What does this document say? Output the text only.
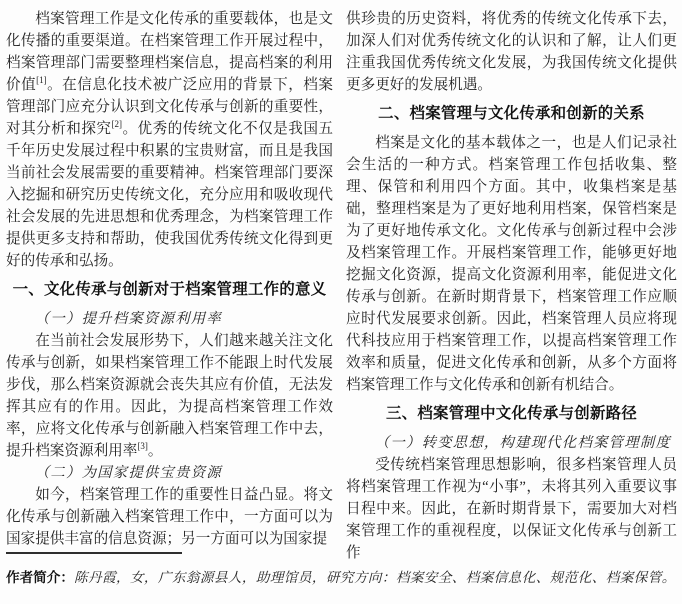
档案管理工作是文化传承的重要载体，也是文化传播的重要渠道。在档案管理工作开展过程中，档案管理部门需要整理档案信息，提高档案的利用价值[1]。在信息化技术被广泛应用的背景下，档案管理部门应充分认识到文化传承与创新的重要性，对其分析和探究[2]。优秀的传统文化不仅是我国五千年历史发展过程中积累的宝贵财富，而且是我国当前社会发展需要的重要精神。档案管理部门要深入挖掘和研究历史传统文化，充分应用和吸收现代社会发展的先进思想和优秀理念，为档案管理工作提供更多支持和帮助，使我国优秀传统文化得到更好的传承和弘扬。

一、文化传承与创新对于档案管理工作的意义

（一）提升档案资源利用率

在当前社会发展形势下，人们越来越关注文化传承与创新，如果档案管理工作不能跟上时代发展步伐，那么档案资源就会丧失其应有价值，无法发挥其应有的作用。因此，为提高档案管理工作效率，应将文化传承与创新融入档案管理工作中去，提升档案资源利用率[3]。

（二）为国家提供宝贵资源

如今，档案管理工作的重要性日益凸显。将文化传承与创新融入档案管理工作中，一方面可以为国家提供丰富的信息资源；另一方面可以为国家提

供珍贵的历史资料，将优秀的传统文化传承下去，加深人们对优秀传统文化的认识和了解，让人们更注重我国优秀传统文化发展，为我国传统文化提供更多更好的发展机遇。

二、档案管理与文化传承和创新的关系

档案是文化的基本载体之一，也是人们记录社会生活的一种方式。档案管理工作包括收集、整理、保管和利用四个方面。其中，收集档案是基础，整理档案是为了更好地利用档案，保管档案是为了更好地传承文化。文化传承与创新过程中会涉及档案管理工作。开展档案管理工作，能够更好地挖掘文化资源，提高文化资源利用率，能促进文化传承与创新。在新时期背景下，档案管理工作应顺应时代发展要求创新。因此，档案管理人员应将现代科技应用于档案管理工作，以提高档案管理工作效率和质量，促进文化传承和创新，从多个方面将档案管理工作与文化传承和创新有机结合。

三、档案管理中文化传承与创新路径

（一）转变思想，构建现代化档案管理制度

受传统档案管理思想影响，很多档案管理人员将档案管理工作视为“小事”，未将其列入重要议事日程中来。因此，在新时期背景下，需要加大对档案管理工作的重视程度，以保证文化传承与创新工作

作者简介：陈丹霞，女，广东翁源县人，助理馆员，研究方向：档案安全、档案信息化、规范化、档案保管。
